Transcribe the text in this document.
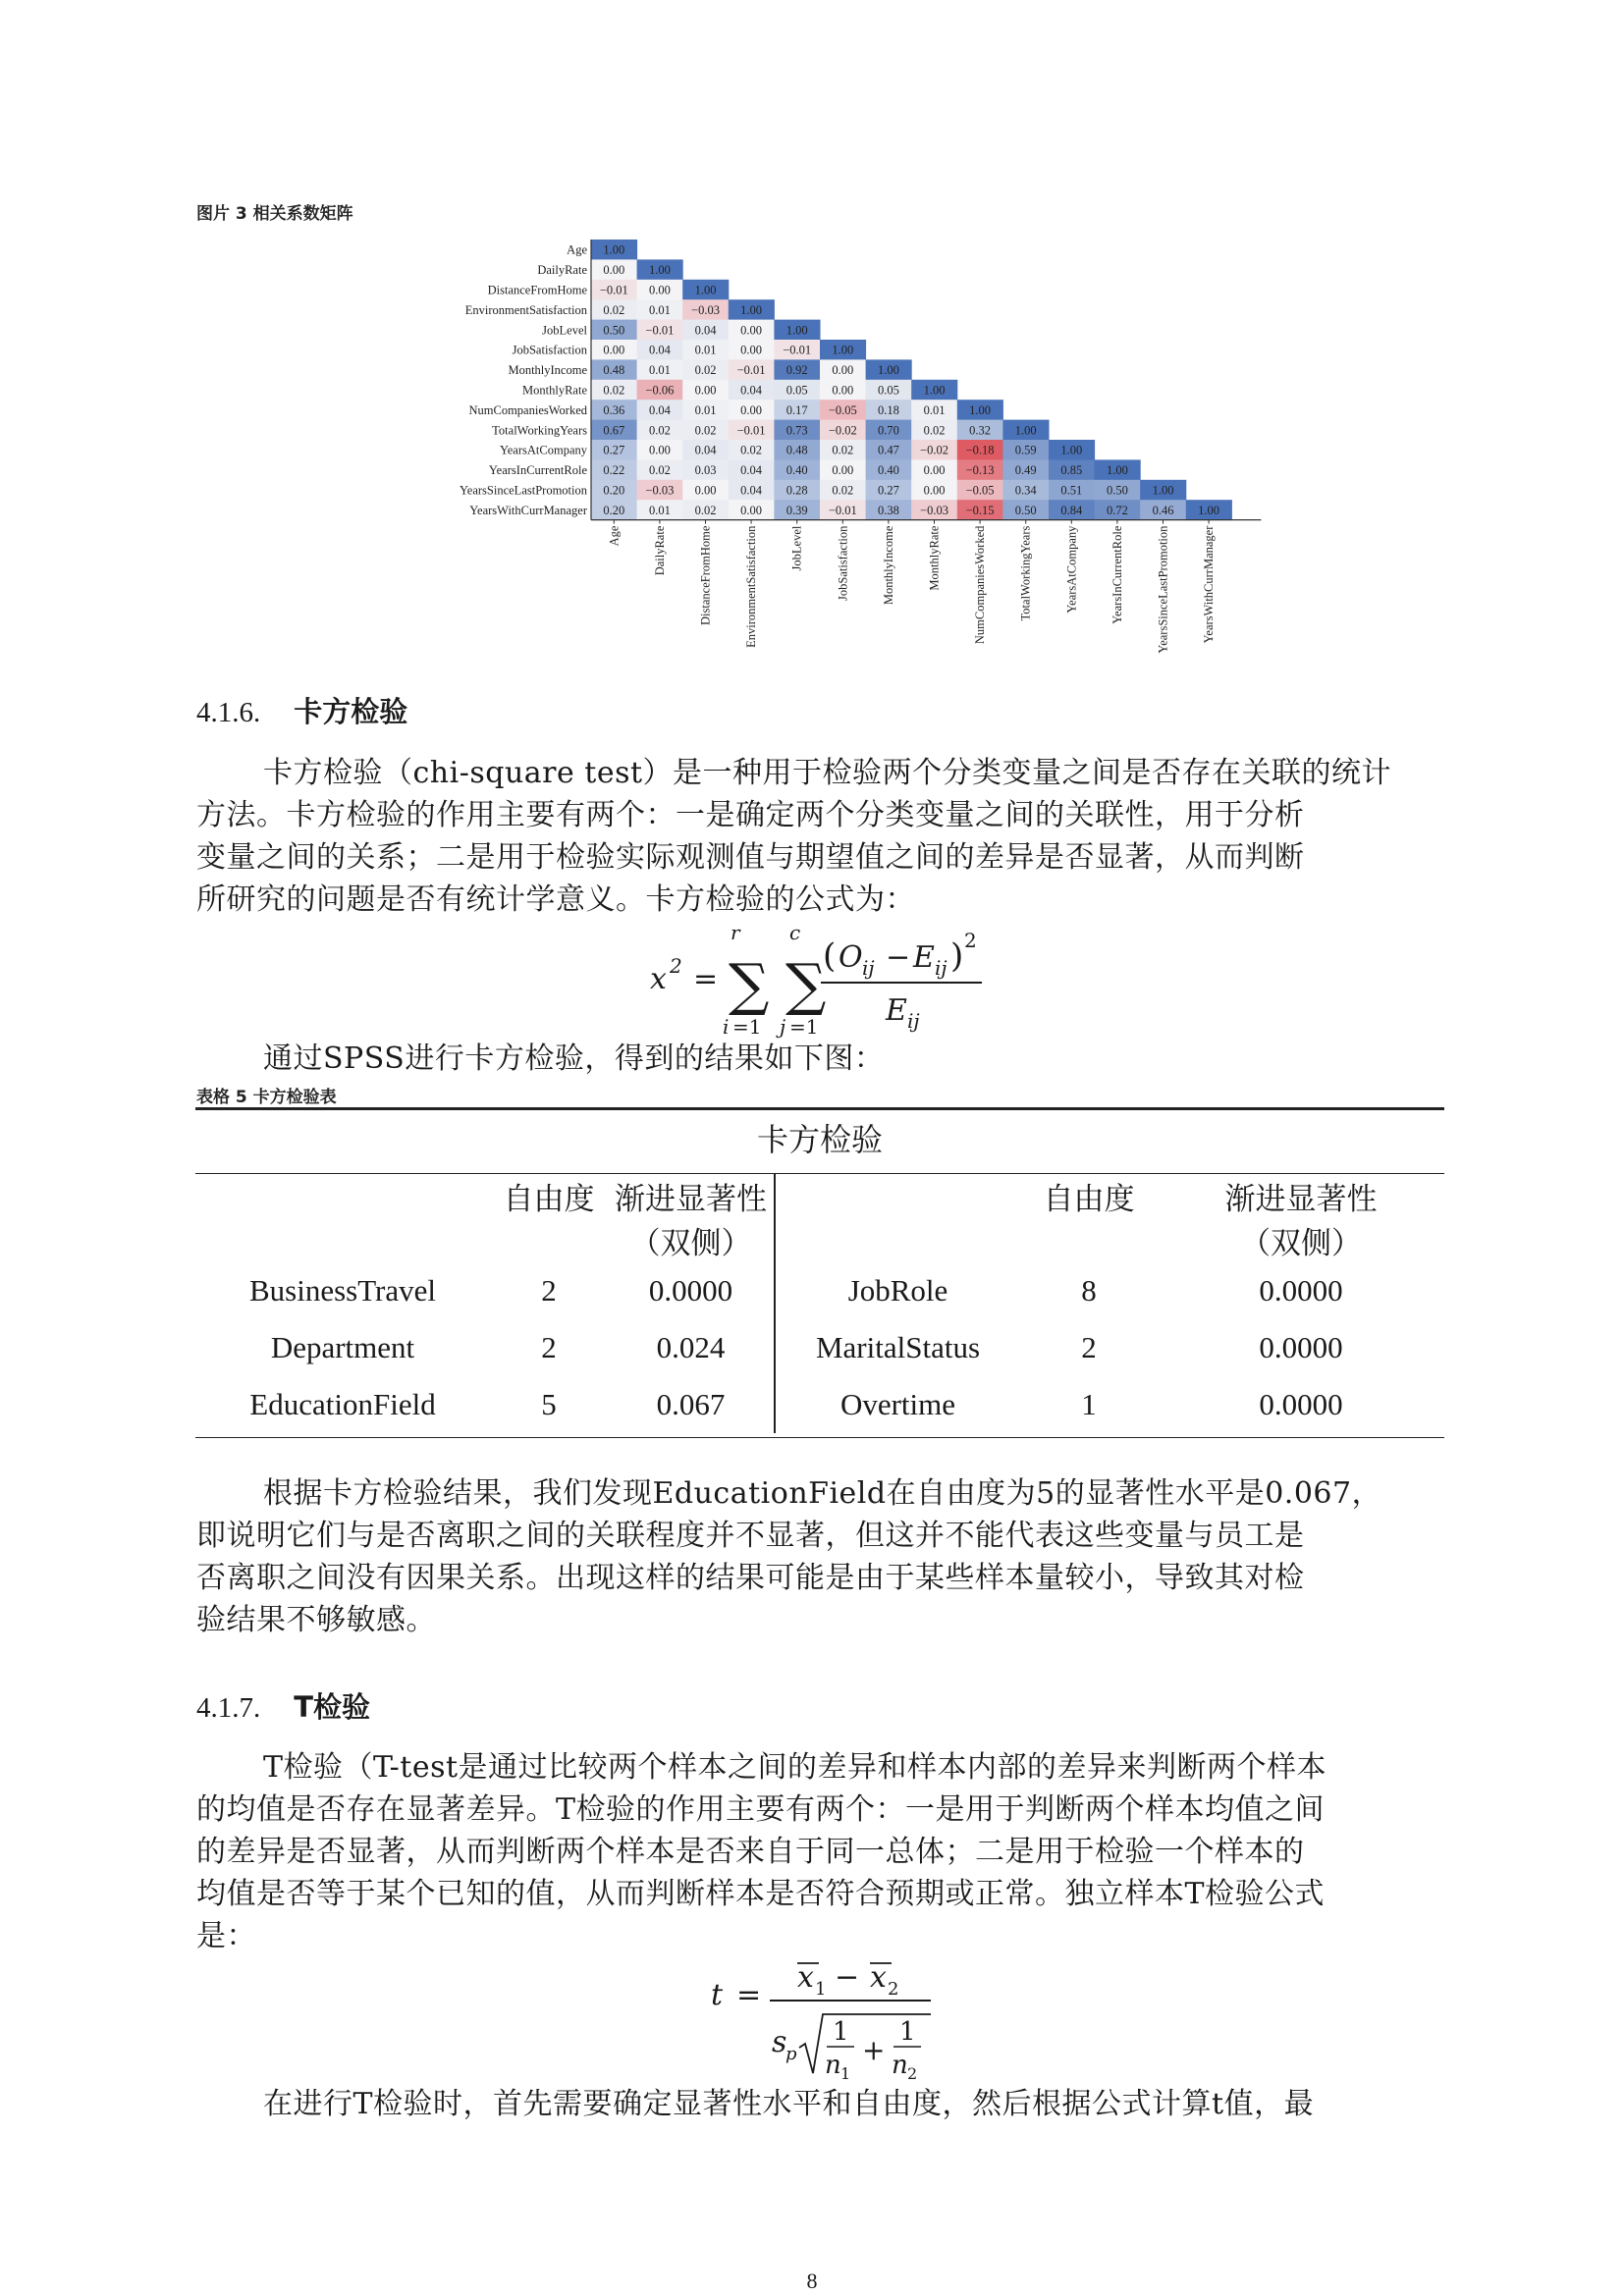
图片 3 相关系数矩阵
Age 1.00
DailyRate 0.00 1.00
DistanceFromHome −0.01 0.00 1.00
EnvironmentSatisfaction 0.02 0.01 −0.03 1.00
JobLevel 0.50 −0.01 0.04 0.00 1.00
JobSatisfaction 0.00 0.04 0.01 0.00 −0.01 1.00
MonthlyIncome 0.48 0.01 0.02 −0.01 0.92 0.00 1.00
MonthlyRate 0.02 −0.06 0.00 0.04 0.05 0.00 0.05 1.00
NumCompaniesWorked 0.36 0.04 0.01 0.00 0.17 −0.05 0.18 0.01 1.00
TotalWorkingYears 0.67 0.02 0.02 −0.01 0.73 −0.02 0.70 0.02 0.32 1.00
YearsAtCompany 0.27 0.00 0.04 0.02 0.48 0.02 0.47 −0.02 −0.18 0.59 1.00
YearsInCurrentRole 0.22 0.02 0.03 0.04 0.40 0.00 0.40 0.00 −0.13 0.49 0.85 1.00
YearsSinceLastPromotion 0.20 −0.03 0.00 0.04 0.28 0.02 0.27 0.00 −0.05 0.34 0.51 0.50 1.00
YearsWithCurrManager 0.20 0.01 0.02 0.00 0.39 −0.01 0.38 −0.03 −0.15 0.50 0.84 0.72 0.46 1.00
Age	DailyRate	DistanceFromHome	EnvironmentSatisfaction	JobLevel	JobSatisfaction	MonthlyIncome	MonthlyRate	NumCompaniesWorked	TotalWorkingYears	YearsAtCompany	YearsInCurrentRole	YearsSinceLastPromotion	YearsWithCurrManager
4.1.6. 卡方检验

卡方检验（chi-square test）是一种用于检验两个分类变量之间是否存在关联的统计

方法。卡方检验的作用主要有两个：一是确定两个分类变量之间的关联性，用于分析

变量之间的关系；二是用于检验实际观测值与期望值之间的差异是否显著，从而判断

所研究的问题是否有统计学意义。卡方检验的公式为：

x 2 =
r
∑
i =1
c
∑
j =1
( O ij − E ij ) 2
E ij

通过SPSS进行卡方检验，得到的结果如下图：

表格 5 卡方检验表
卡方检验
	自由度	渐进显著性		自由度	渐进显著性
		（双侧）			（双侧）
BusinessTravel	2	0.0000	JobRole	8	0.0000
Department	2	0.024	MaritalStatus	2	0.0000
EducationField	5	0.067	Overtime	1	0.0000

根据卡方检验结果，我们发现EducationField在自由度为5的显著性水平是0.067，

即说明它们与是否离职之间的关联程度并不显著，但这并不能代表这些变量与员工是

否离职之间没有因果关系。出现这样的结果可能是由于某些样本量较小，导致其对检

验结果不够敏感。

4.1.7. T检验

T检验（T-test是通过比较两个样本之间的差异和样本内部的差异来判断两个样本

的均值是否存在显著差异。T检验的作用主要有两个：一是用于判断两个样本均值之间

的差异是否显著，从而判断两个样本是否来自于同一总体；二是用于检验一个样本的

均值是否等于某个已知的值，从而判断样本是否符合预期或正常。独立样本T检验公式

是：

t =
x 1 − x 2
s
p
1
n 1
+
1
n 2

在进行T检验时，首先需要确定显著性水平和自由度，然后根据公式计算t值，最

8
